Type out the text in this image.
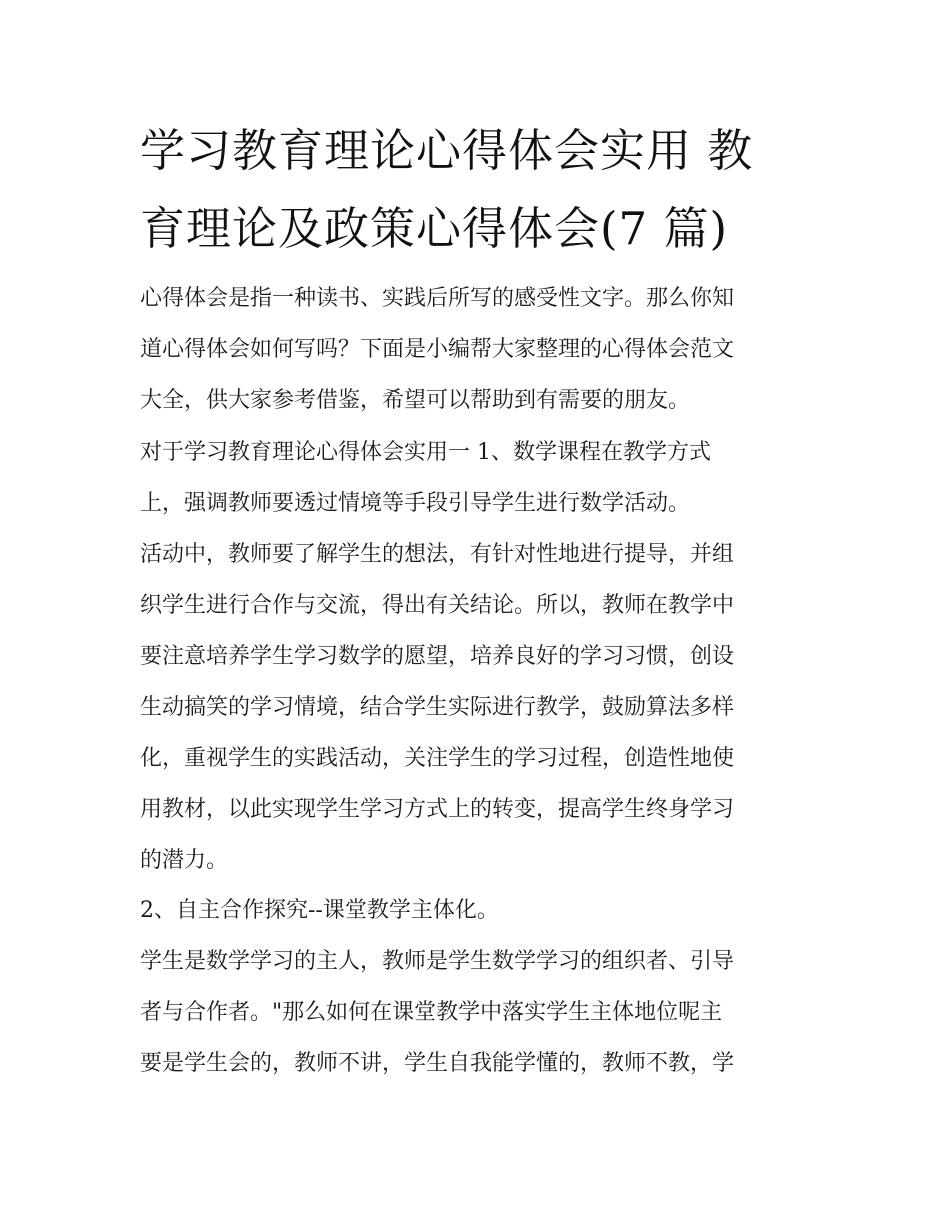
学习教育理论心得体会实用 教
育理论及政策心得体会(7 篇)
心得体会是指一种读书、实践后所写的感受性文字。那么你知
道心得体会如何写吗？下面是小编帮大家整理的心得体会范文
大全，供大家参考借鉴，希望可以帮助到有需要的朋友。
对于学习教育理论心得体会实用一 1、数学课程在教学方式
上，强调教师要透过情境等手段引导学生进行数学活动。
活动中，教师要了解学生的想法，有针对性地进行提导，并组
织学生进行合作与交流，得出有关结论。所以，教师在教学中
要注意培养学生学习数学的愿望，培养良好的学习习惯，创设
生动搞笑的学习情境，结合学生实际进行教学，鼓励算法多样
化，重视学生的实践活动，关注学生的学习过程，创造性地使
用教材，以此实现学生学习方式上的转变，提高学生终身学习
的潜力。
2、自主合作探究--课堂教学主体化。
学生是数学学习的主人，教师是学生数学学习的组织者、引导
者与合作者。"那么如何在课堂教学中落实学生主体地位呢主
要是学生会的，教师不讲，学生自我能学懂的，教师不教，学
